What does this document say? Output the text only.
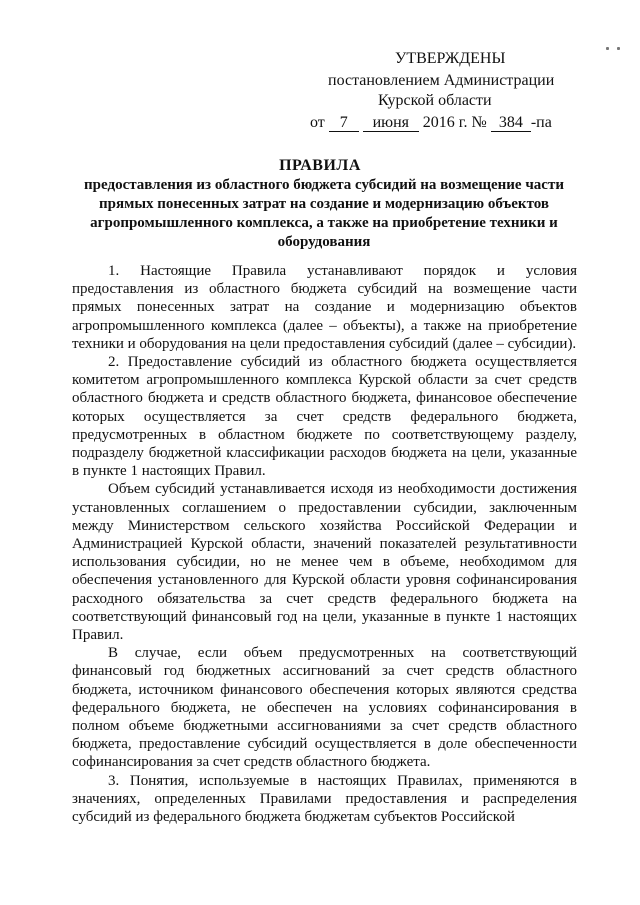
УТВЕРЖДЕНЫ
постановлением Администрации
Курской области
от 7 июня 2016 г. № 384 -па
ПРАВИЛА
предоставления из областного бюджета субсидий на возмещение части прямых понесенных затрат на создание и модернизацию объектов агропромышленного комплекса, а также на приобретение техники и оборудования

1. Настоящие Правила устанавливают порядок и условия предоставления из областного бюджета субсидий на возмещение части прямых понесенных затрат на создание и модернизацию объектов агропромышленного комплекса (далее – объекты), а также на приобретение техники и оборудования на цели предоставления субсидий (далее – субсидии).

2. Предоставление субсидий из областного бюджета осуществляется комитетом агропромышленного комплекса Курской области за счет средств областного бюджета и средств областного бюджета, финансовое обеспечение которых осуществляется за счет средств федерального бюджета, предусмотренных в областном бюджете по соответствующему разделу, подразделу бюджетной классификации расходов бюджета на цели, указанные в пункте 1 настоящих Правил.

Объем субсидий устанавливается исходя из необходимости достижения установленных соглашением о предоставлении субсидии, заключенным между Министерством сельского хозяйства Российской Федерации и Администрацией Курской области, значений показателей результативности использования субсидии, но не менее чем в объеме, необходимом для обеспечения установленного для Курской области уровня софинансирования расходного обязательства за счет средств федерального бюджета на соответствующий финансовый год на цели, указанные в пункте 1 настоящих Правил.

В случае, если объем предусмотренных на соответствующий финансовый год бюджетных ассигнований за счет средств областного бюджета, источником финансового обеспечения которых являются средства федерального бюджета, не обеспечен на условиях софинансирования в полном объеме бюджетными ассигнованиями за счет средств областного бюджета, предоставление субсидий осуществляется в доле обеспеченности софинансирования за счет средств областного бюджета.

3. Понятия, используемые в настоящих Правилах, применяются в значениях, определенных Правилами предоставления и распределения субсидий из федерального бюджета бюджетам субъектов Российской
